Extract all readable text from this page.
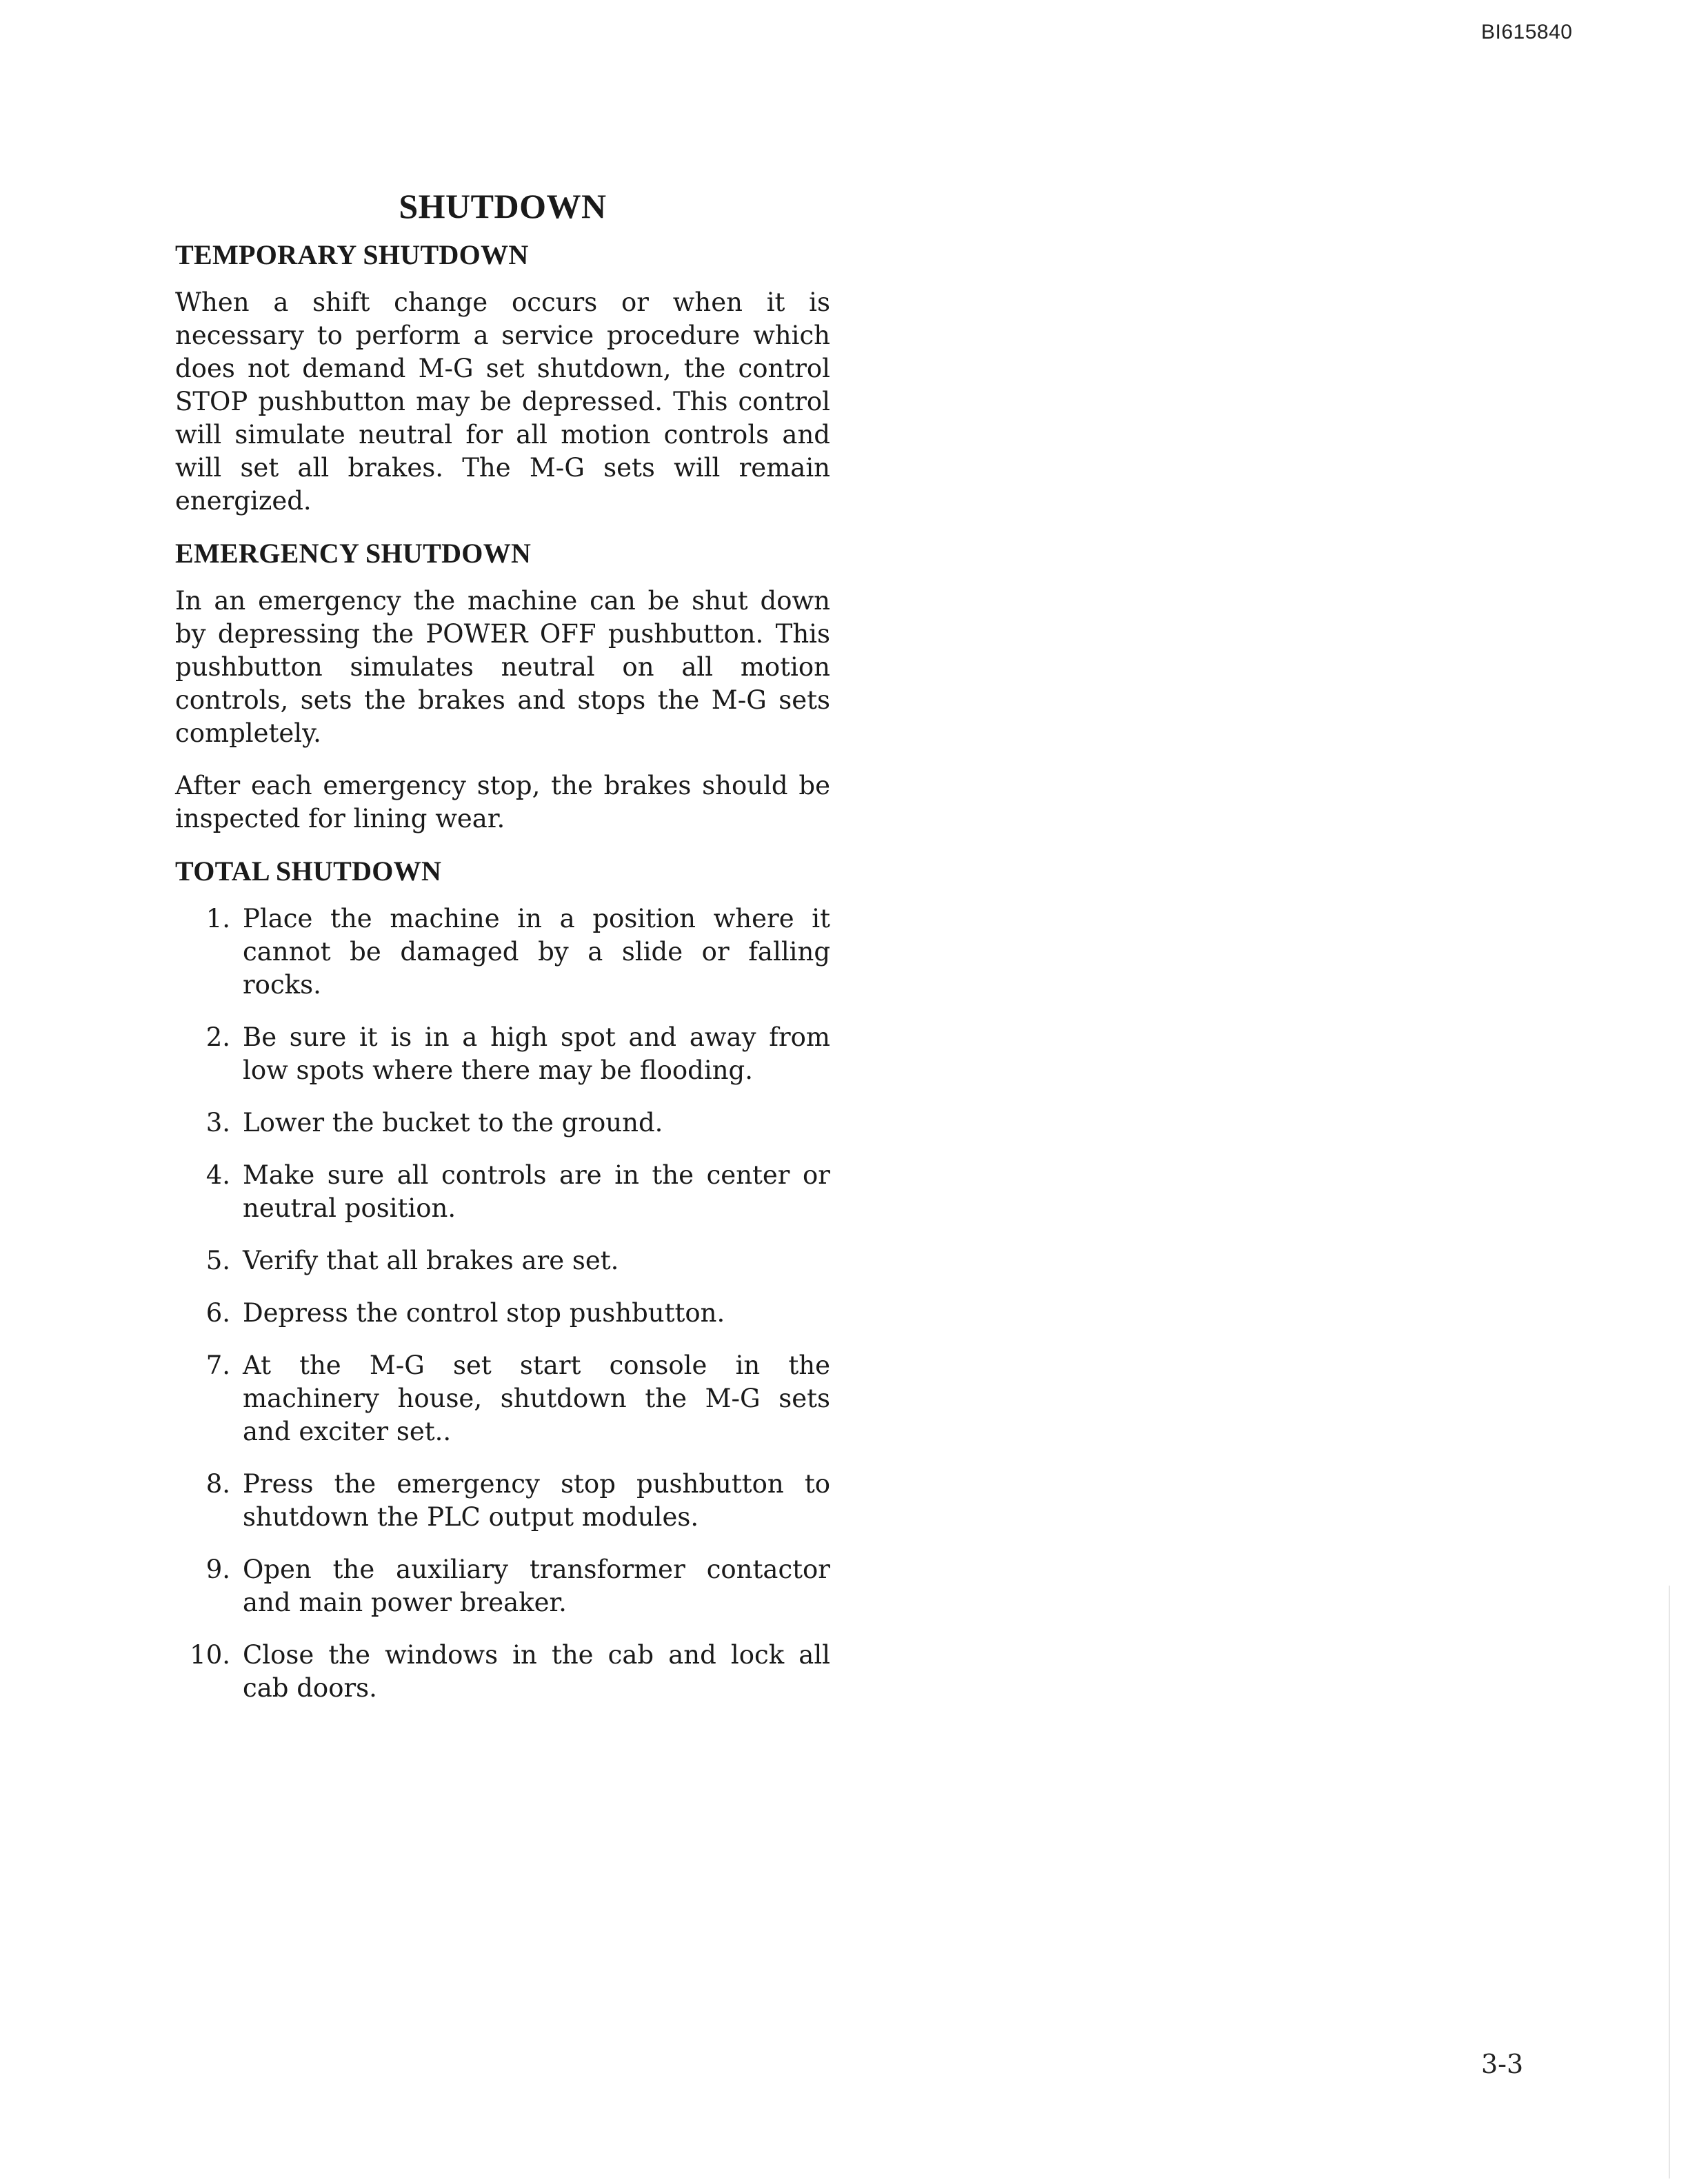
BI615840
SHUTDOWN
TEMPORARY SHUTDOWN

When a shift change occurs or when it is necessary to perform a service procedure which does not demand M-G set shutdown, the control STOP pushbutton may be depressed. This control will simulate neutral for all motion controls and will set all brakes. The M-G sets will remain energized.

EMERGENCY SHUTDOWN

In an emergency the machine can be shut down by depressing the POWER OFF pushbutton. This pushbutton simulates neutral on all motion controls, sets the brakes and stops the M-G sets completely.

After each emergency stop, the brakes should be inspected for lining wear.

TOTAL SHUTDOWN
1. Place the machine in a position where it cannot be damaged by a slide or falling rocks.
2. Be sure it is in a high spot and away from low spots where there may be flooding.
3. Lower the bucket to the ground.
4. Make sure all controls are in the center or neutral position.
5. Verify that all brakes are set.
6. Depress the control stop pushbutton.
7. At the M-G set start console in the machinery house, shutdown the M-G sets and exciter set..
8. Press the emergency stop pushbutton to shutdown the PLC output modules.
9. Open the auxiliary transformer contactor and main power breaker.
10. Close the windows in the cab and lock all cab doors.
3-3
